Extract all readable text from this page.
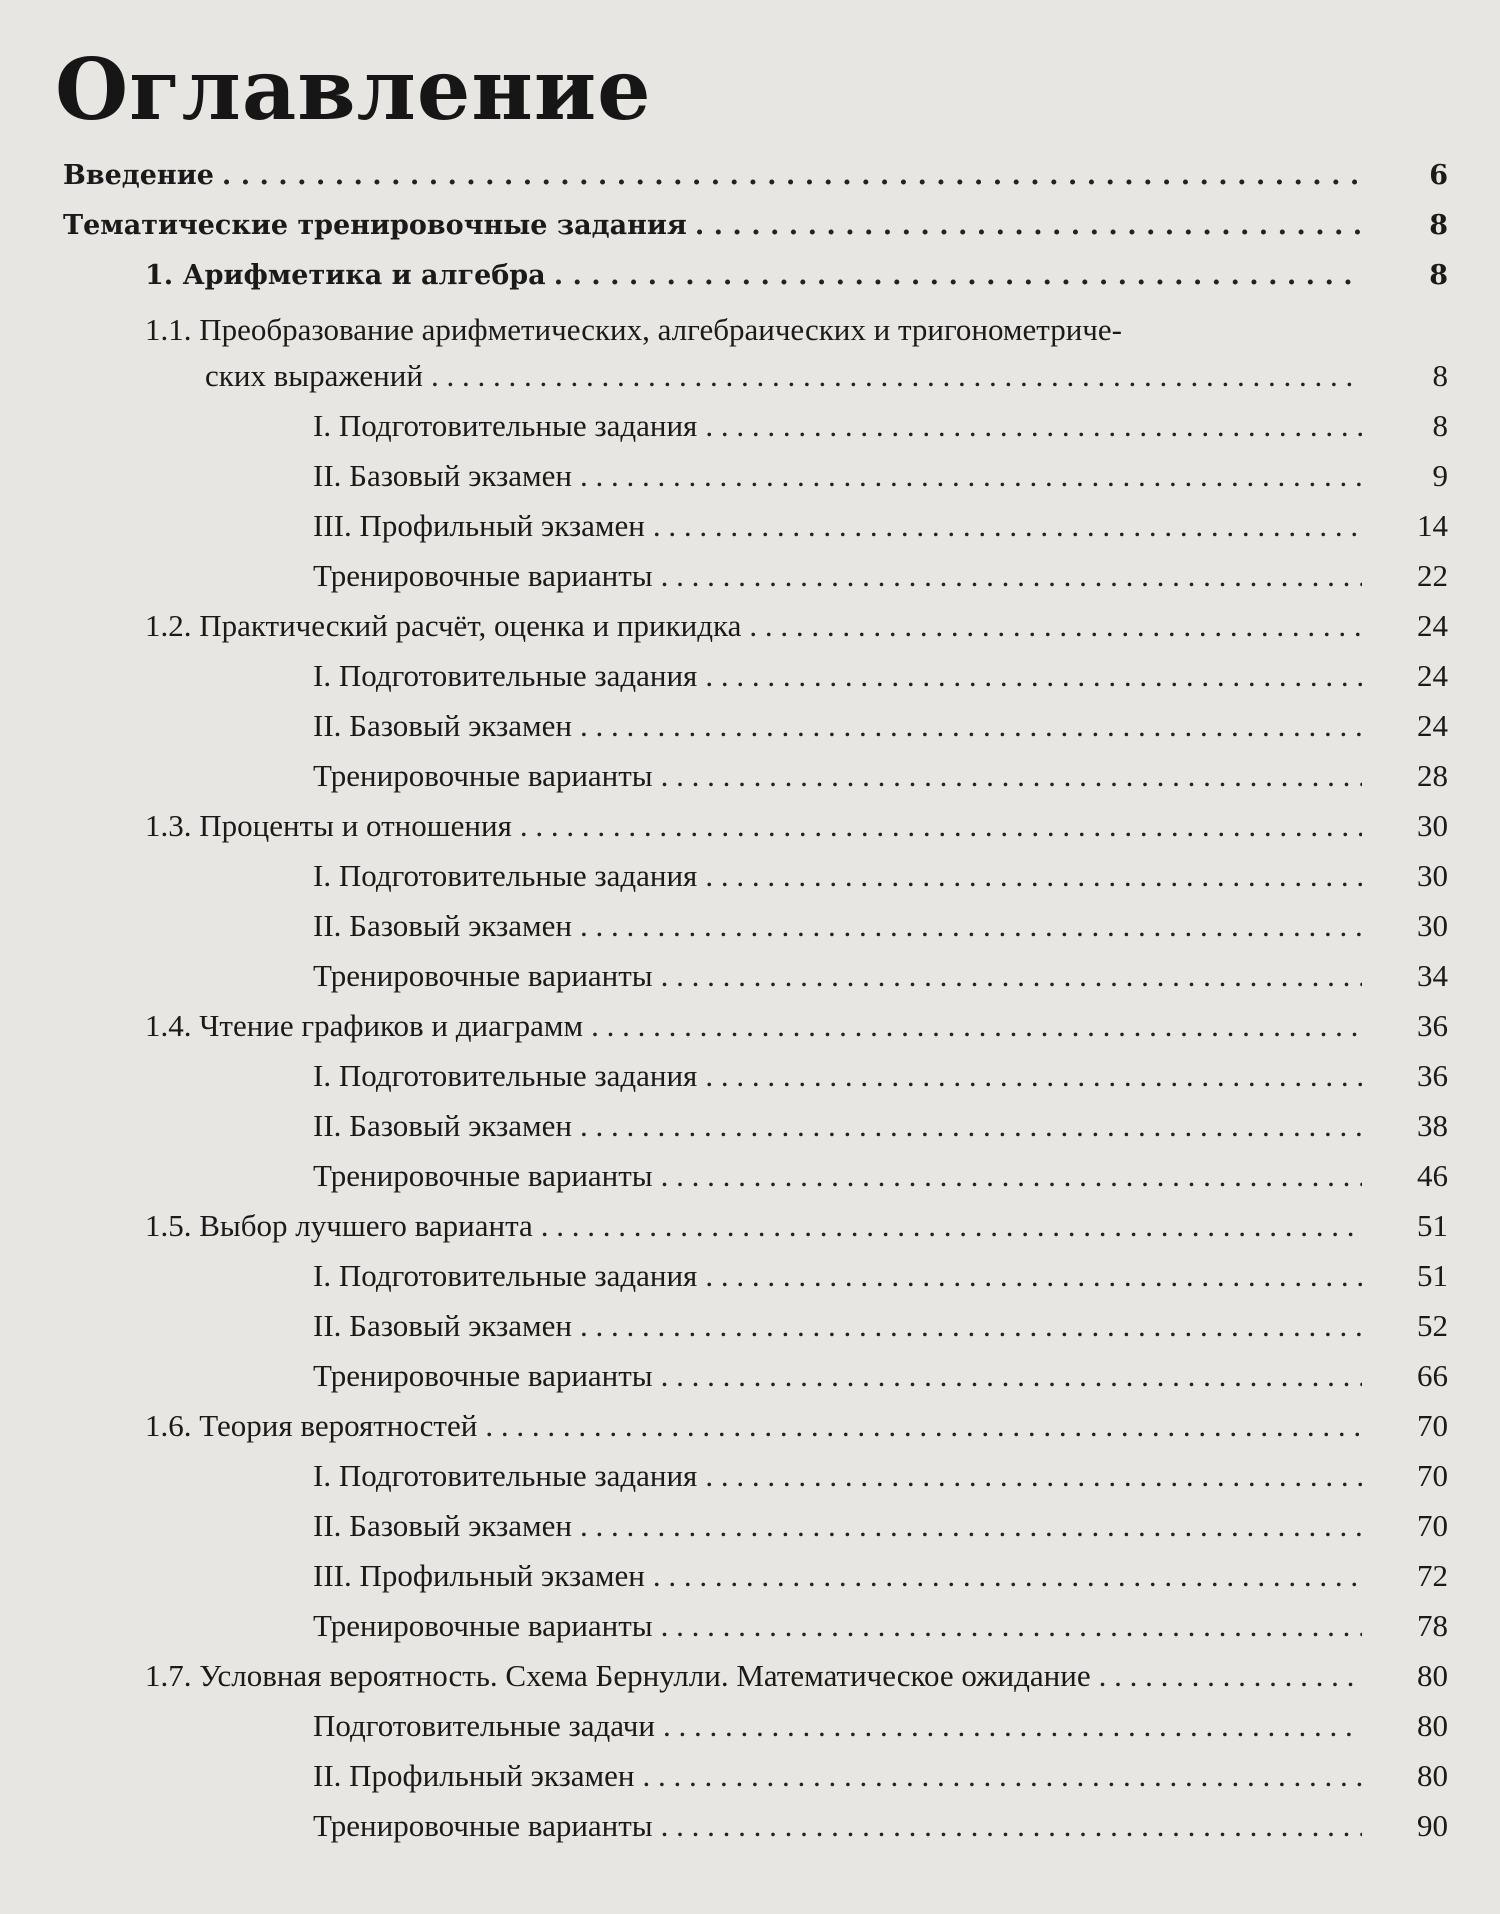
Оглавление
Введение . . .	6
Тематические тренировочные задания . . .	8
1. Арифметика и алгебра . . .	8
1.1. Преобразование арифметических, алгебраических и тригонометриче-
ских выражений . . .	8
I. Подготовительные задания . . .	8
II. Базовый экзамен . . .	9
III. Профильный экзамен . . .	14
Тренировочные варианты . . .	22
1.2. Практический расчёт, оценка и прикидка . . .	24
I. Подготовительные задания . . .	24
II. Базовый экзамен . . .	24
Тренировочные варианты . . .	28
1.3. Проценты и отношения . . .	30
I. Подготовительные задания . . .	30
II. Базовый экзамен . . .	30
Тренировочные варианты . . .	34
1.4. Чтение графиков и диаграмм . . .	36
I. Подготовительные задания . . .	36
II. Базовый экзамен . . .	38
Тренировочные варианты . . .	46
1.5. Выбор лучшего варианта . . .	51
I. Подготовительные задания . . .	51
II. Базовый экзамен . . .	52
Тренировочные варианты . . .	66
1.6. Теория вероятностей . . .	70
I. Подготовительные задания . . .	70
II. Базовый экзамен . . .	70
III. Профильный экзамен . . .	72
Тренировочные варианты . . .	78
1.7. Условная вероятность. Схема Бернулли. Математическое ожидание . . .	80
Подготовительные задачи . . .	80
II. Профильный экзамен . . .	80
Тренировочные варианты . . .	90
